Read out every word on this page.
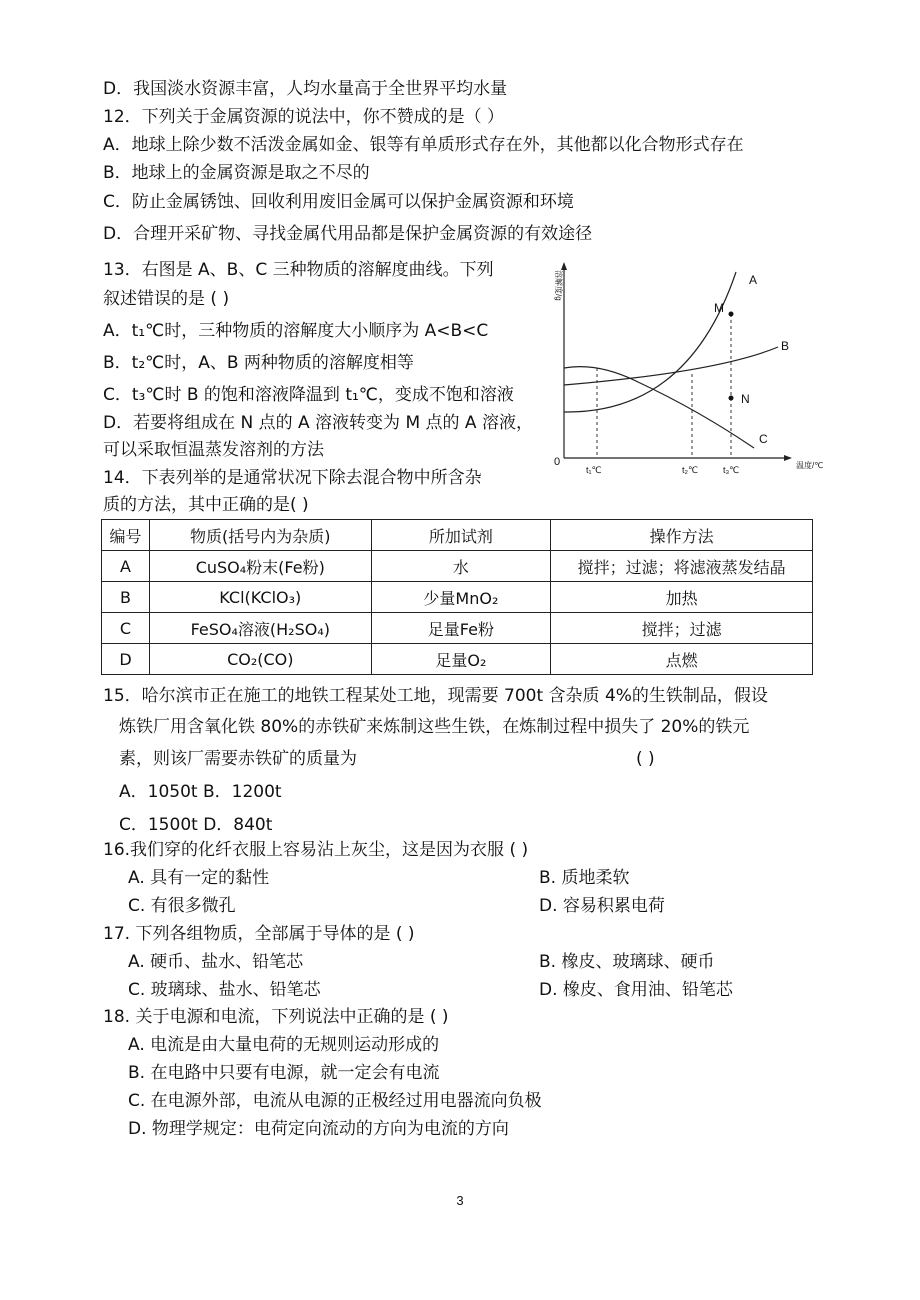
D．我国淡水资源丰富，人均水量高于全世界平均水量
12．下列关于金属资源的说法中，你不赞成的是（ ）
A．地球上除少数不活泼金属如金、银等有单质形式存在外，其他都以化合物形式存在
B．地球上的金属资源是取之不尽的
C．防止金属锈蚀、回收利用废旧金属可以保护金属资源和环境
D．合理开采矿物、寻找金属代用品都是保护金属资源的有效途径
13．右图是 A、B、C 三种物质的溶解度曲线。下列
叙述错误的是 ( )
A．t₁℃时，三种物质的溶解度大小顺序为 A<B<C
B．t₂℃时，A、B 两种物质的溶解度相等
C．t₃℃时 B 的饱和溶液降温到 t₁℃，变成不饱和溶液
D．若要将组成在 N 点的 A 溶液转变为 M 点的 A 溶液，
可以采取恒温蒸发溶剂的方法
溶解度/g	A
M
B
N
C
0
t₁℃	t₂℃	t₃℃	温度/℃
14．下表列举的是通常状况下除去混合物中所含杂
质的方法，其中正确的是( )
编号	物质(括号内为杂质)	所加试剂	操作方法
A	CuSO₄粉末(Fe粉)	水	搅拌；过滤；将滤液蒸发结晶
B	KCl(KClO₃)	少量MnO₂	加热
C	FeSO₄溶液(H₂SO₄)	足量Fe粉	搅拌；过滤
D	CO₂(CO)	足量O₂	点燃
15．哈尔滨市正在施工的地铁工程某处工地，现需要 700t 含杂质 4%的生铁制品，假设
炼铁厂用含氧化铁 80%的赤铁矿来炼制这些生铁，在炼制过程中损失了 20%的铁元
素，则该厂需要赤铁矿的质量为	( )
A．1050t B．1200t
C．1500t D．840t
16.我们穿的化纤衣服上容易沾上灰尘，这是因为衣服 ( )
A. 具有一定的黏性	B. 质地柔软
C. 有很多微孔	D. 容易积累电荷
17. 下列各组物质，全部属于导体的是 ( )
A. 硬币、盐水、铅笔芯	B. 橡皮、玻璃球、硬币
C. 玻璃球、盐水、铅笔芯	D. 橡皮、食用油、铅笔芯
18. 关于电源和电流，下列说法中正确的是 ( )
A. 电流是由大量电荷的无规则运动形成的
B. 在电路中只要有电源，就一定会有电流
C. 在电源外部，电流从电源的正极经过用电器流向负极
D. 物理学规定：电荷定向流动的方向为电流的方向
3
